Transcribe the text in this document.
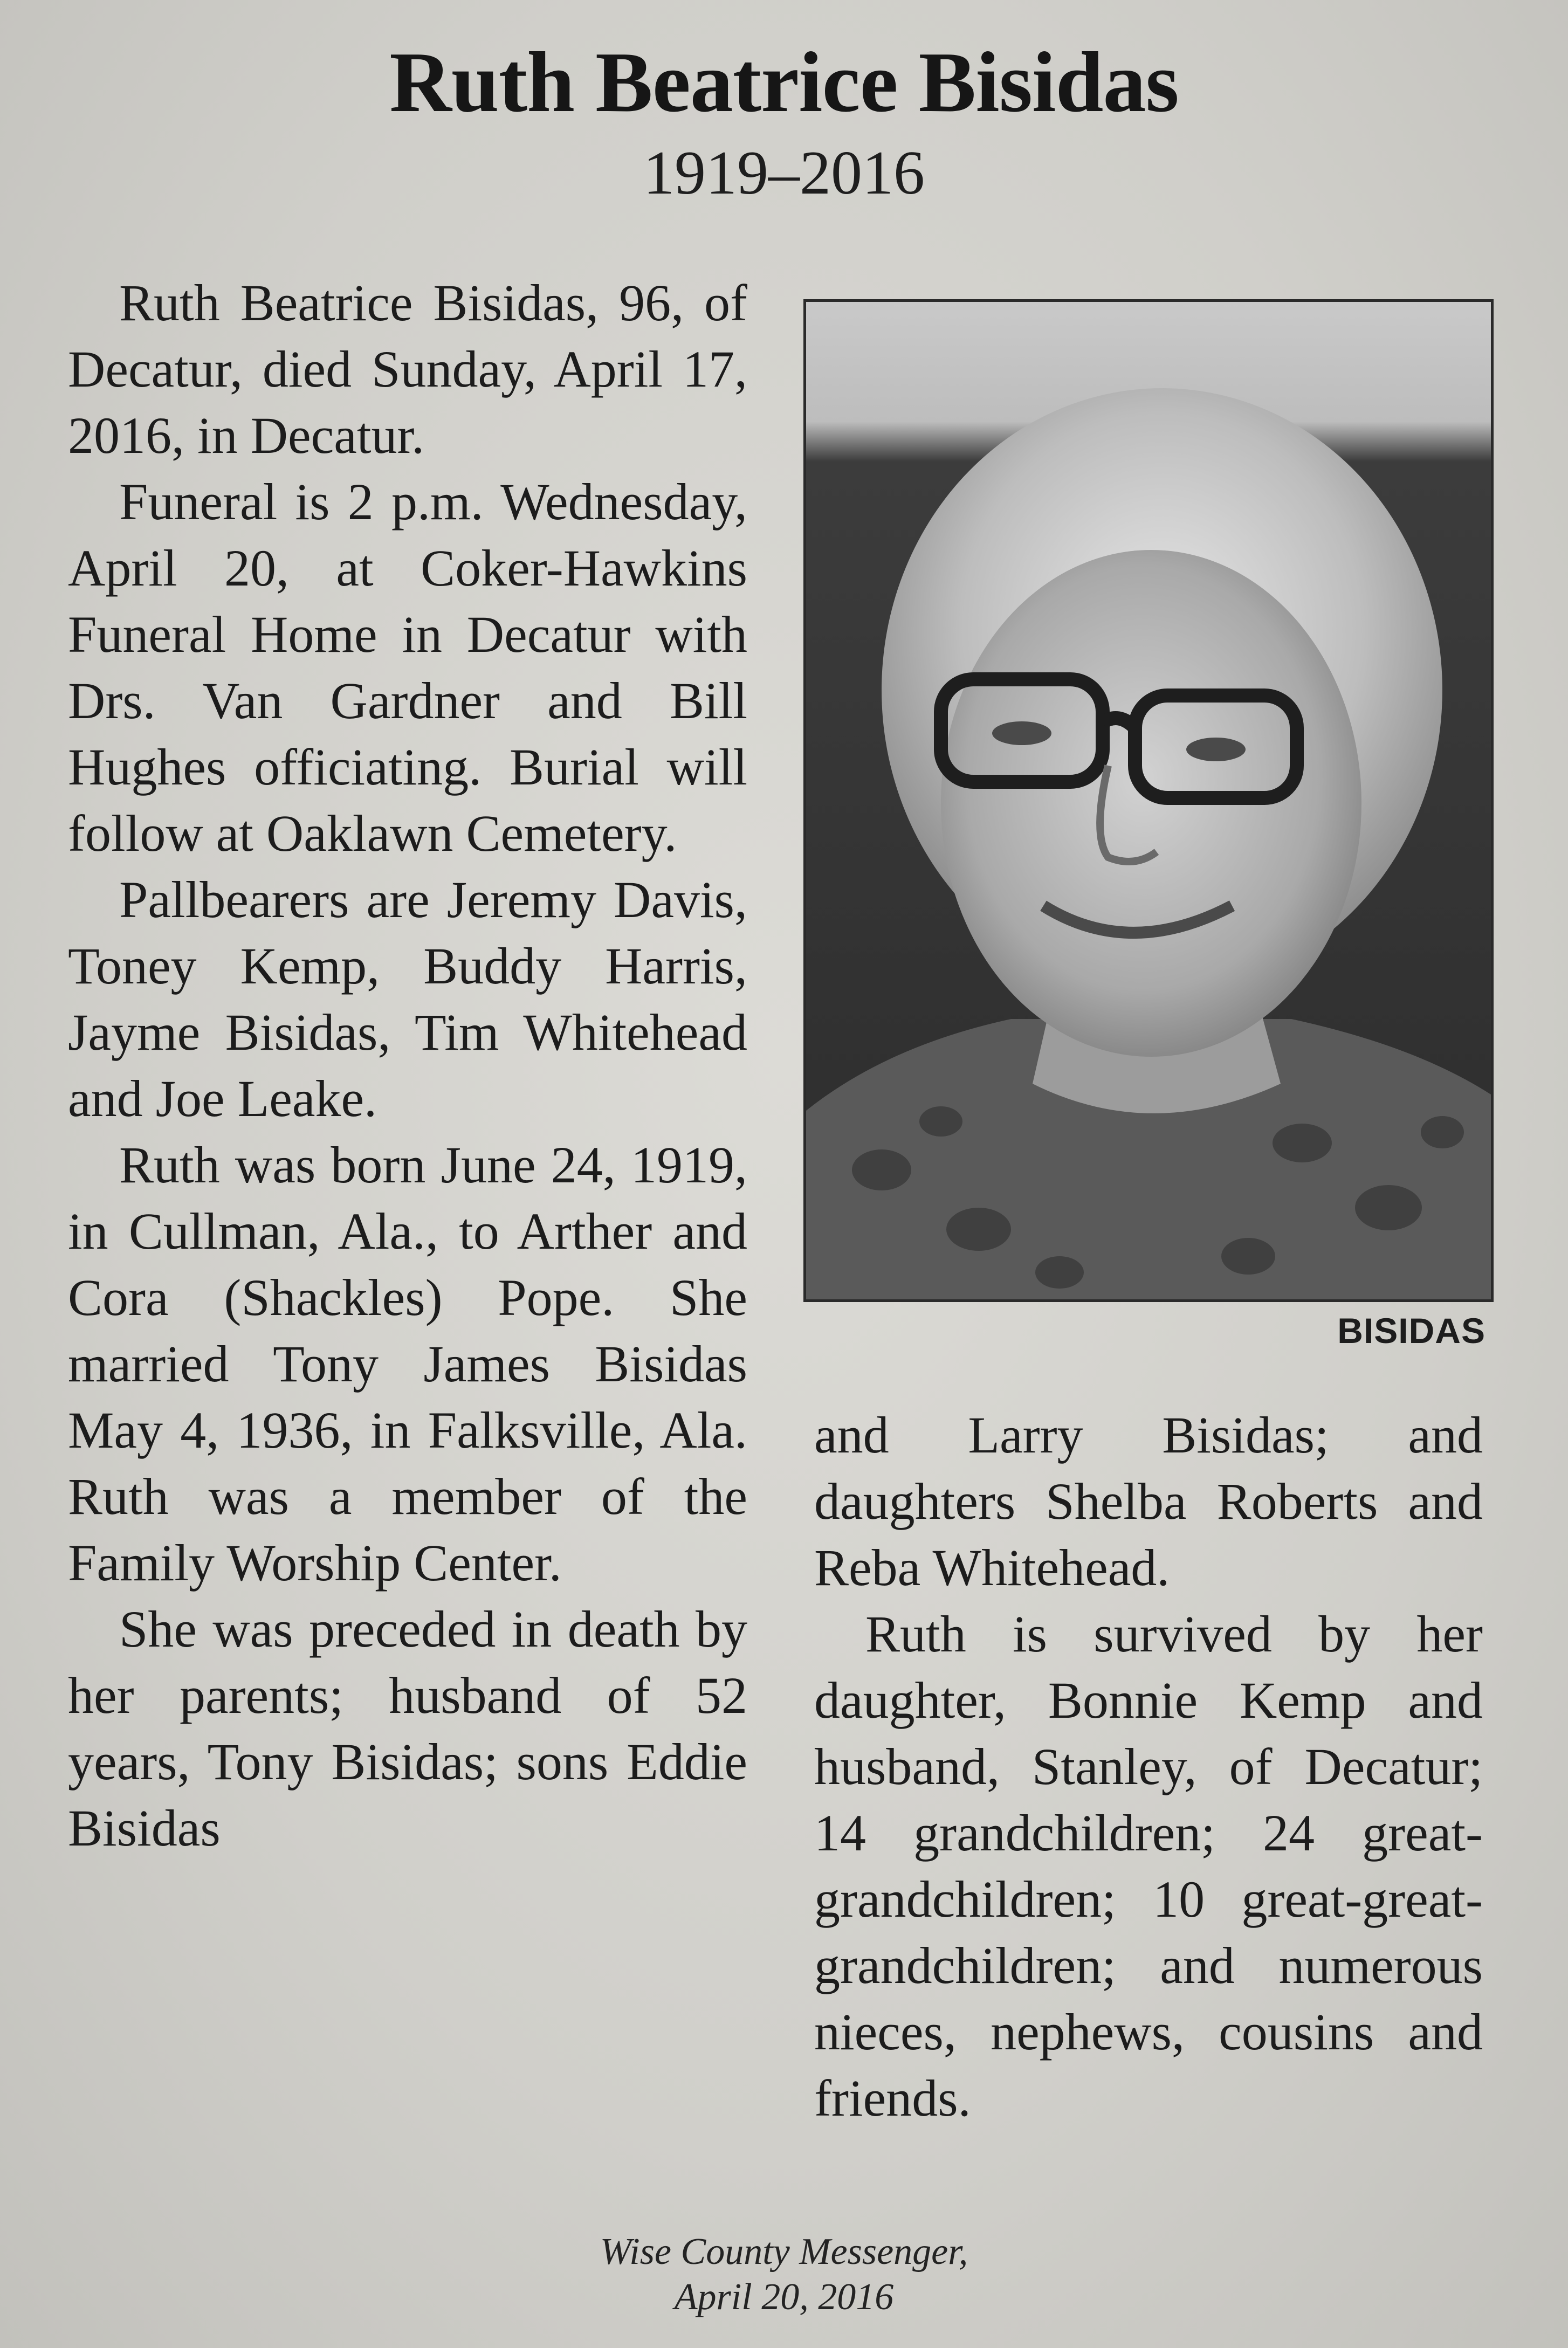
Ruth Beatrice Bisidas
1919–2016

Ruth Beatrice Bisidas, 96, of Decatur, died Sunday, April 17, 2016, in Decatur.

Funeral is 2 p.m. Wednesday, April 20, at Coker-Hawkins Funeral Home in Decatur with Drs. Van Gardner and Bill Hughes officiating. Burial will follow at Oaklawn Cemetery.

Pallbearers are Jeremy Davis, Toney Kemp, Buddy Harris, Jayme Bisidas, Tim Whitehead and Joe Leake.

Ruth was born June 24, 1919, in Cullman, Ala., to Arther and Cora (Shackles) Pope. She married Tony James Bisidas May 4, 1936, in Falksville, Ala. Ruth was a member of the Family Worship Center.

She was preceded in death by her parents; husband of 52 years, Tony Bisidas; sons Eddie Bisidas

BISIDAS

and Larry Bisidas; and daughters Shelba Roberts and Reba Whitehead.

Ruth is survived by her daughter, Bonnie Kemp and husband, Stanley, of Decatur; 14 grandchildren; 24 great-grandchildren; 10 great-great-grandchildren; and numerous nieces, nephews, cousins and friends.

Wise County Messenger,
April 20, 2016
